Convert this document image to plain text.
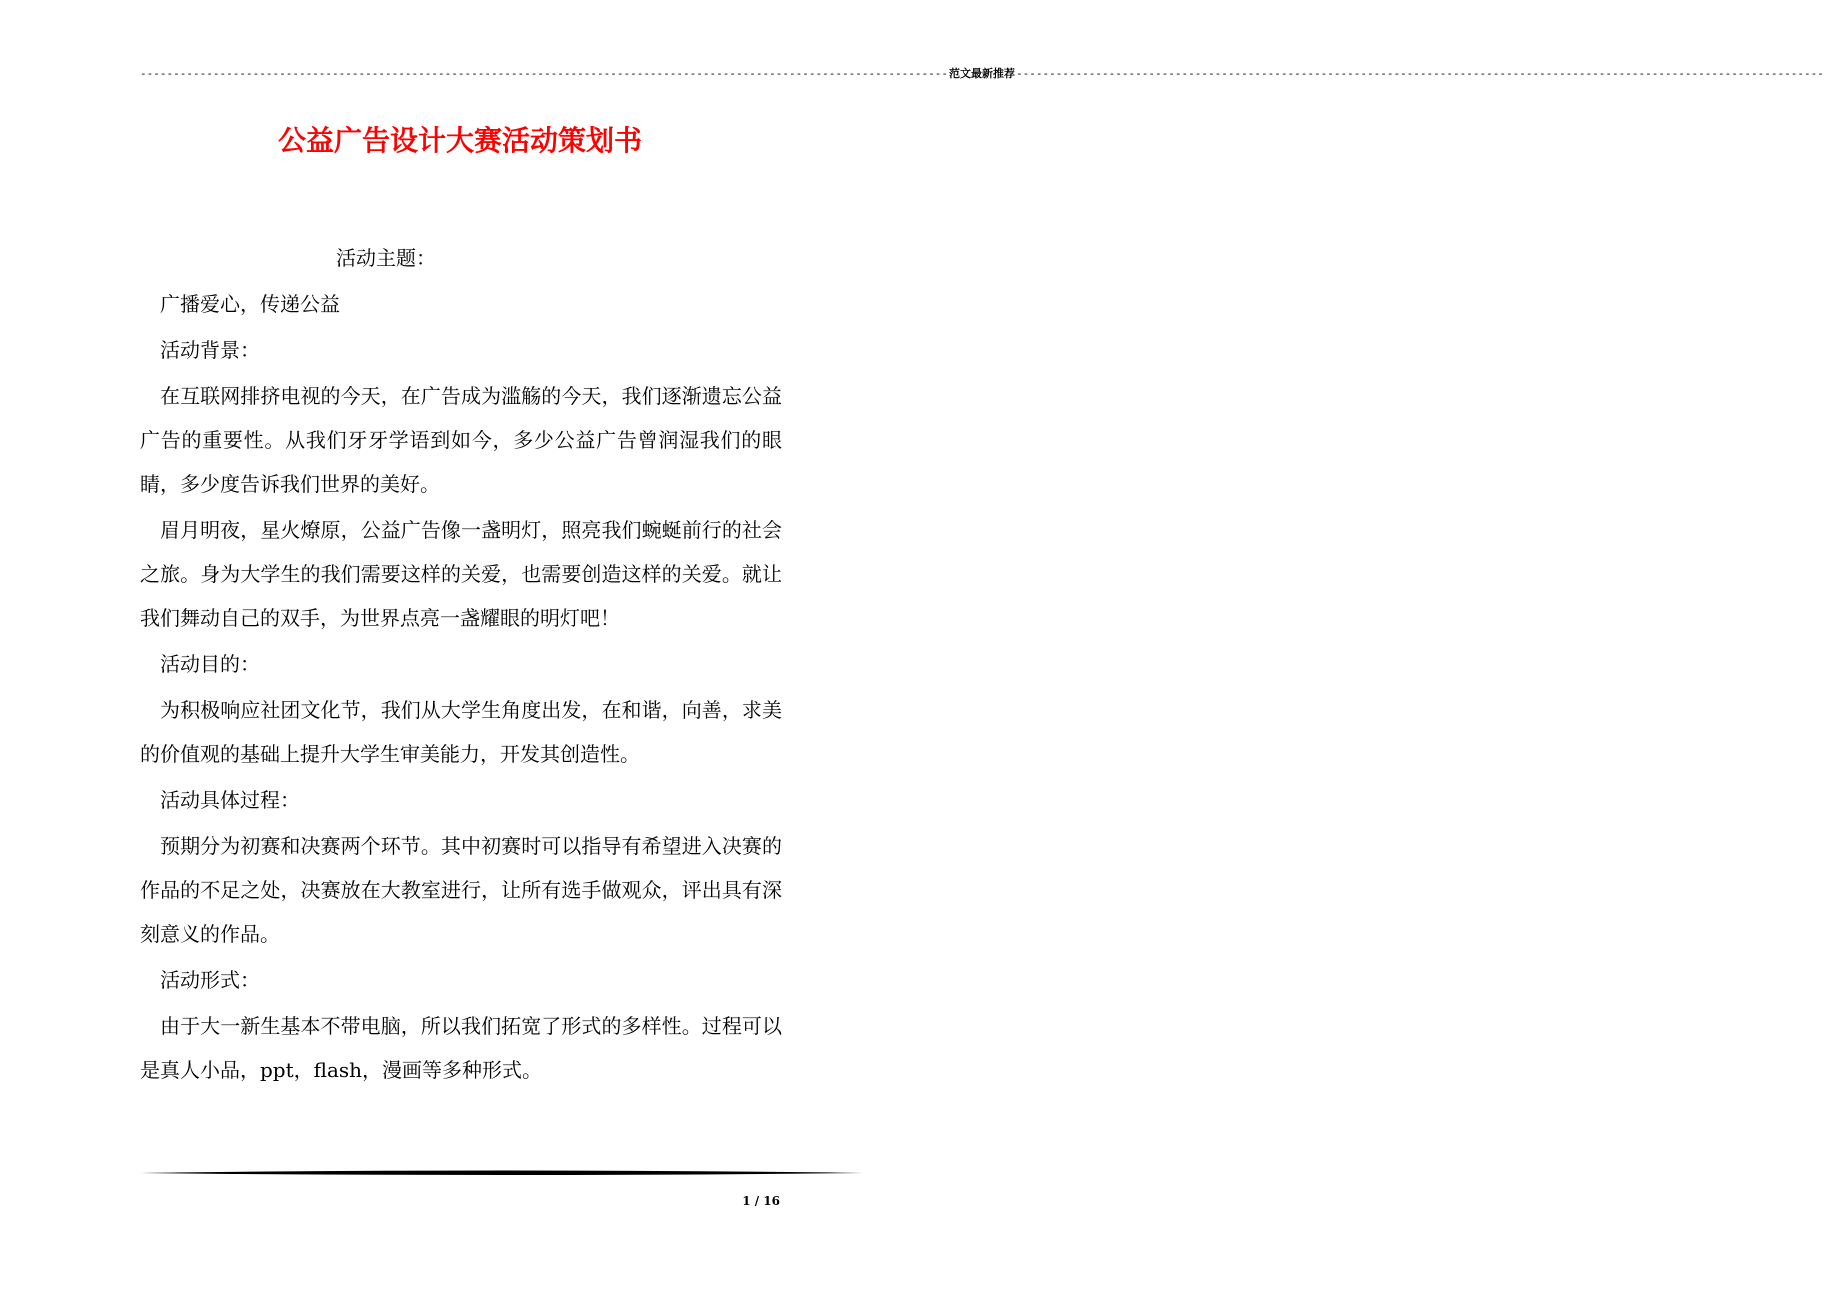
-------------------------------------------------------------------------------------------------------------------------- 范文最新推荐 --------------------------------------------------------------------------------------------------------------------------
公益广告设计大赛活动策划书

活动主题：

广播爱心，传递公益

活动背景：

在互联网排挤电视的今天，在广告成为滥觞的今天，我们逐渐遗忘公益广告的重要性。从我们牙牙学语到如今，多少公益广告曾润湿我们的眼睛，多少度告诉我们世界的美好。

眉月明夜，星火燎原，公益广告像一盏明灯，照亮我们蜿蜒前行的社会之旅。身为大学生的我们需要这样的关爱，也需要创造这样的关爱。就让我们舞动自己的双手，为世界点亮一盏耀眼的明灯吧！

活动目的：

为积极响应社团文化节，我们从大学生角度出发，在和谐，向善，求美的价值观的基础上提升大学生审美能力，开发其创造性。

活动具体过程：

预期分为初赛和决赛两个环节。其中初赛时可以指导有希望进入决赛的作品的不足之处，决赛放在大教室进行，让所有选手做观众，评出具有深刻意义的作品。

活动形式：

由于大一新生基本不带电脑，所以我们拓宽了形式的多样性。过程可以是真人小品，ppt，flash，漫画等多种形式。

1 / 16
